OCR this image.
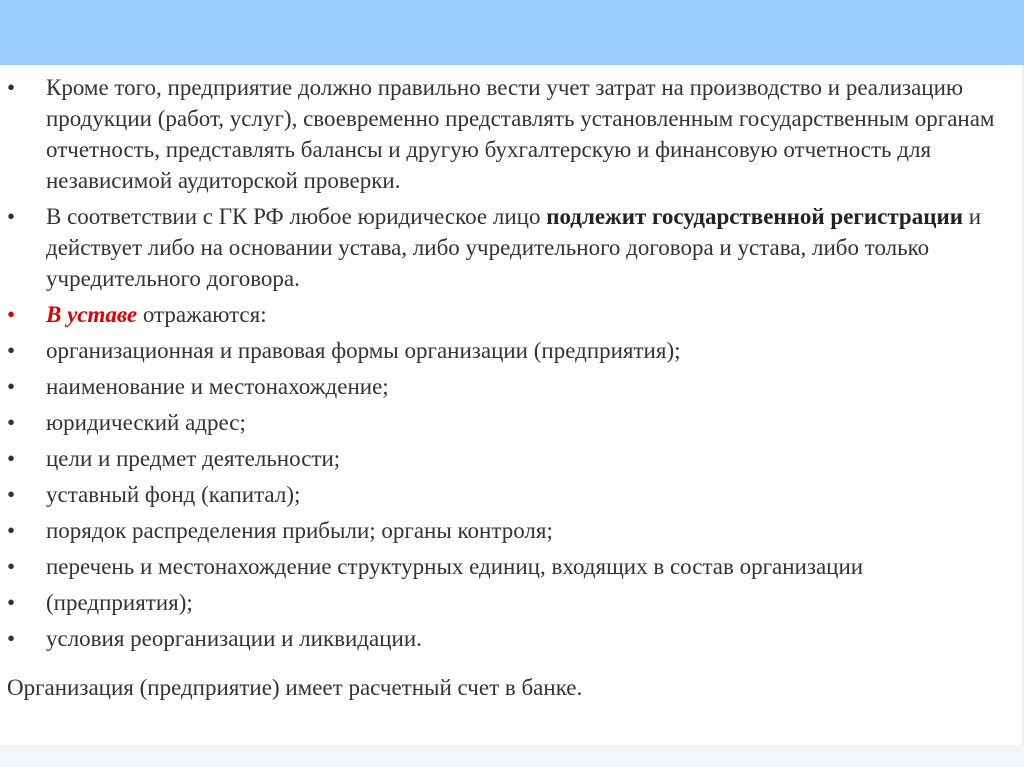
•	Кроме того, предприятие должно правильно вести учет затрат на производство и реализацию продукции (работ, услуг), своевременно представлять установленным государственным органам отчетность, представлять балансы и другую бухгалтерскую и финансовую отчетность для независимой аудиторской проверки.
•	В соответствии с ГК РФ любое юридическое лицо подлежит государственной регистрации и действует либо на основании устава, либо учредительного договора и устава, либо только учредительного договора.
•	В уставе отражаются:
•	организационная и правовая формы организации (предприятия);
•	наименование и местонахождение;
•	юридический адрес;
•	цели и предмет деятельности;
•	уставный фонд (капитал);
•	порядок распределения прибыли; органы контроля;
•	перечень и местонахождение структурных единиц, входящих в состав организации
•	(предприятия);
•	условия реорганизации и ликвидации.
Организация (предприятие) имеет расчетный счет в банке.
